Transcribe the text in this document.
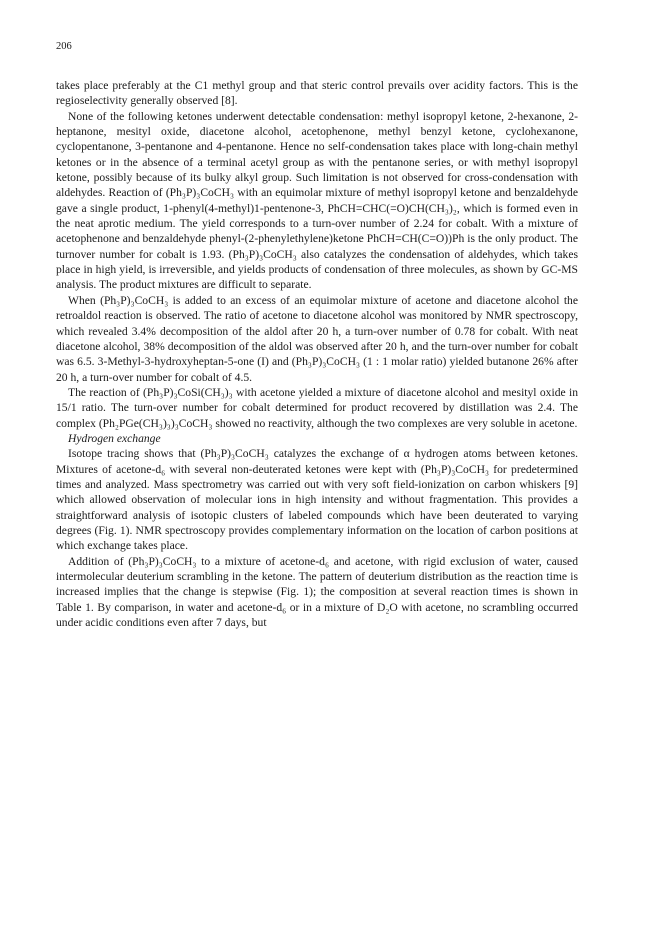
206

takes place preferably at the C1 methyl group and that steric control prevails over acidity factors. This is the regioselectivity generally observed [8].

None of the following ketones underwent detectable condensation: methyl isopropyl ketone, 2-hexanone, 2-heptanone, mesityl oxide, diacetone alcohol, acetophenone, methyl benzyl ketone, cyclohexanone, cyclopentanone, 3-pentanone and 4-pentanone. Hence no self-condensation takes place with long-chain methyl ketones or in the absence of a terminal acetyl group as with the pentanone series, or with methyl isopropyl ketone, possibly because of its bulky alkyl group. Such limitation is not observed for cross-condensation with aldehydes. Reaction of (Ph₃P)₃CoCH₃ with an equimolar mixture of methyl isopropyl ketone and benzaldehyde gave a single product, 1-phenyl(4-methyl)1-pentenone-3, PhCH=CHC(=O)CH(CH₃)₂, which is formed even in the neat aprotic medium. The yield corresponds to a turn-over number of 2.24 for cobalt. With a mixture of acetophenone and benzaldehyde phenyl-(2-phenylethylene)ketone PhCH=CH(C=O))Ph is the only product. The turnover number for cobalt is 1.93. (Ph₃P)₃CoCH₃ also catalyzes the condensation of aldehydes, which takes place in high yield, is irreversible, and yields products of condensation of three molecules, as shown by GC-MS analysis. The product mixtures are difficult to separate.

When (Ph₃P)₃CoCH₃ is added to an excess of an equimolar mixture of acetone and diacetone alcohol the retroaldol reaction is observed. The ratio of acetone to diacetone alcohol was monitored by NMR spectroscopy, which revealed 3.4% decomposition of the aldol after 20 h, a turn-over number of 0.78 for cobalt. With neat diacetone alcohol, 38% decomposition of the aldol was observed after 20 h, and the turn-over number for cobalt was 6.5. 3-Methyl-3-hydroxyheptan-5-one (I) and (Ph₃P)₃CoCH₃ (1 : 1 molar ratio) yielded butanone 26% after 20 h, a turn-over number for cobalt of 4.5.

The reaction of (Ph₃P)₃CoSi(CH₃)₃ with acetone yielded a mixture of diacetone alcohol and mesityl oxide in 15/1 ratio. The turn-over number for cobalt determined for product recovered by distillation was 2.4. The complex (Ph₂PGe(CH₃)₃)₃CoCH₃ showed no reactivity, although the two complexes are very soluble in acetone.

Hydrogen exchange

Isotope tracing shows that (Ph₃P)₃CoCH₃ catalyzes the exchange of α hydrogen atoms between ketones. Mixtures of acetone-d₆ with several non-deuterated ketones were kept with (Ph₃P)₃CoCH₃ for predetermined times and analyzed. Mass spectrometry was carried out with very soft field-ionization on carbon whiskers [9] which allowed observation of molecular ions in high intensity and without fragmentation. This provides a straightforward analysis of isotopic clusters of labeled compounds which have been deuterated to varying degrees (Fig. 1). NMR spectroscopy provides complementary information on the location of carbon positions at which exchange takes place.

Addition of (Ph₃P)₃CoCH₃ to a mixture of acetone-d₆ and acetone, with rigid exclusion of water, caused intermolecular deuterium scrambling in the ketone. The pattern of deuterium distribution as the reaction time is increased implies that the change is stepwise (Fig. 1); the composition at several reaction times is shown in Table 1. By comparison, in water and acetone-d₆ or in a mixture of D₂O with acetone, no scrambling occurred under acidic conditions even after 7 days, but
